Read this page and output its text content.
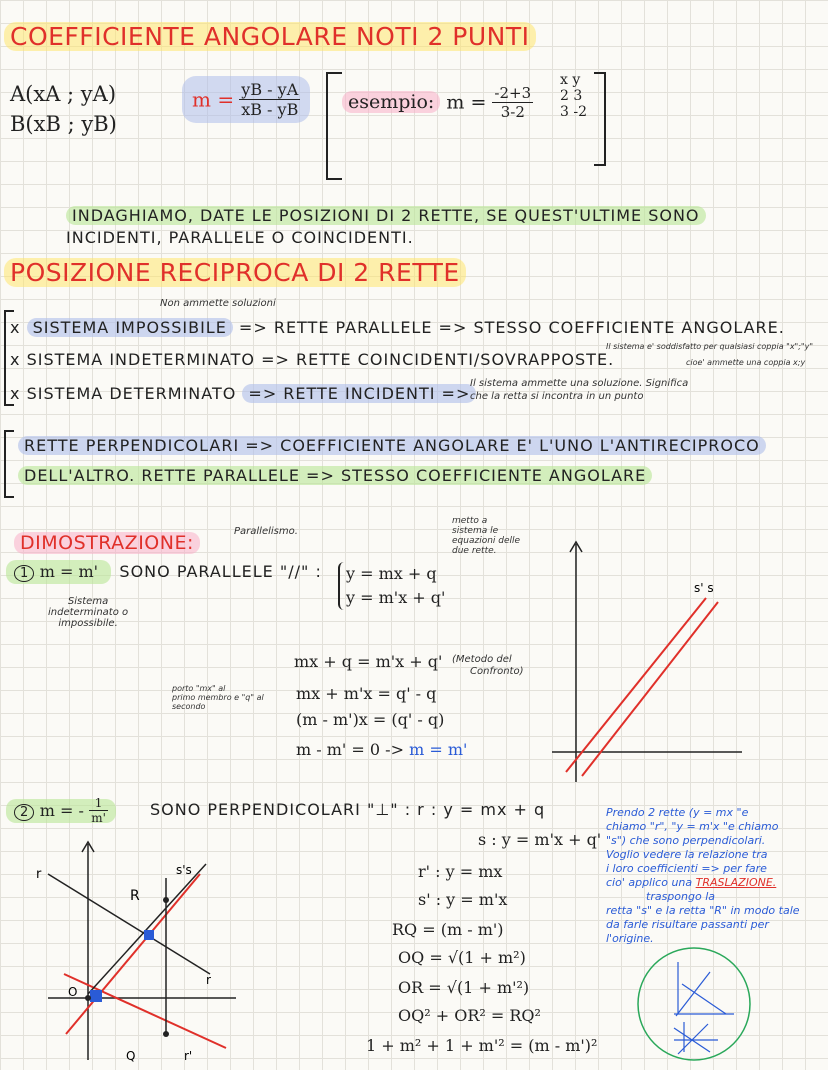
COEFFICIENTE ANGOLARE NOTI 2 PUNTI
A(xA ; yA)
B(xB ; yB)
$m = \frac{yB - yA}{xB - yB}$	esempio: $m = \frac{-2+3}{3-2}$
x y
2 3
3 -2
INDAGHIAMO, DATE LE POSIZIONI DI 2 RETTE, SE QUEST'ULTIME SONO
INCIDENTI, PARALLELE O COINCIDENTI.
POSIZIONE RECIPROCA DI 2 RETTE
Non ammette soluzioni
x SISTEMA IMPOSSIBILE => RETTE PARALLELE => STESSO COEFFICIENTE ANGOLARE.
x SISTEMA INDETERMINATO => RETTE COINCIDENTI/SOVRAPPOSTE.
Il sistema e' soddisfatto per qualsiasi coppia "x";"y"
cioe' ammette una coppia x;y
x SISTEMA DETERMINATO => RETTE INCIDENTI =>
Il sistema ammette una soluzione. Significa
che la retta si incontra in un punto
RETTE PERPENDICOLARI => COEFFICIENTE ANGOLARE E' L'UNO L'ANTIRECIPROCO
DELL'ALTRO. RETTE PARALLELE => STESSO COEFFICIENTE ANGOLARE
DIMOSTRAZIONE:
Parallelismo.
1 m = m' SONO PARALLELE "//" : y = mx + q
y = m'x + q'
Sistema
indeterminato o
impossibile.
metto a
sistema le
equazioni delle
due rette.
mx + q = m'x + q' (Metodo del
Confronto)
porto "mx" al
primo membro e "q" al
secondo
mx + m'x = q' - q
(m - m')x = (q' - q)
m - m' = 0 -> m = m'
s' s
2 m = - $\frac{1}{m'}$	SONO PERPENDICOLARI "⊥" : r : y = mx + q
s : y = m'x + q'
r' : y = mx
s' : y = m'x
RQ = (m - m')
OQ = √(1 + m²)
OR = √(1 + m'²)
OQ² + OR² = RQ²
1 + m² + 1 + m'² = (m - m')²
Prendo 2 rette (y = mx "e
chiamo "r", "y = m'x "e chiamo
"s") che sono perpendicolari.
Voglio vedere la relazione tra
i loro coefficienti => per fare
cio' applico una TRASLAZIONE.
traspongo la
retta "s" e la retta "R" in modo tale
da farle risultare passanti per
l'origine.
r	s's
R
O
Q	r'
r
